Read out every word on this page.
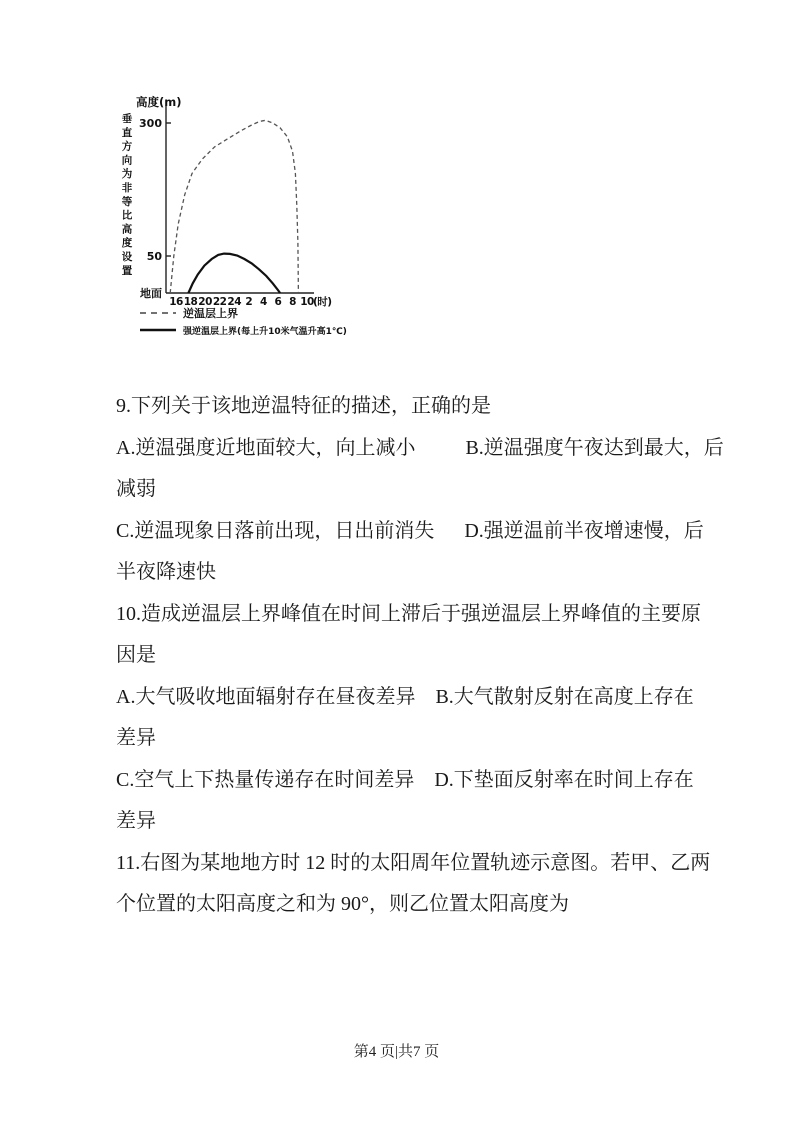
高度(m)
垂
直
方
向
为
非
等
比
高
度
设
置
300
50
地面
16 18 20 22 24 2 4 6 8 10 (时)
逆温层上界
强逆温层上界(每上升10米气温升高1℃)
9.下列关于该地逆温特征的描述，正确的是
A.逆温强度近地面较大，向上减小          B.逆温强度午夜达到最大，后
减弱
C.逆温现象日落前出现，日出前消失      D.强逆温前半夜增速慢，后
半夜降速快
10.造成逆温层上界峰值在时间上滞后于强逆温层上界峰值的主要原
因是
A.大气吸收地面辐射存在昼夜差异    B.大气散射反射在高度上存在
差异
C.空气上下热量传递存在时间差异    D.下垫面反射率在时间上存在
差异
11.右图为某地地方时 12 时的太阳周年位置轨迹示意图。若甲、乙两
个位置的太阳高度之和为 90°，则乙位置太阳高度为
第4 页|共7 页
